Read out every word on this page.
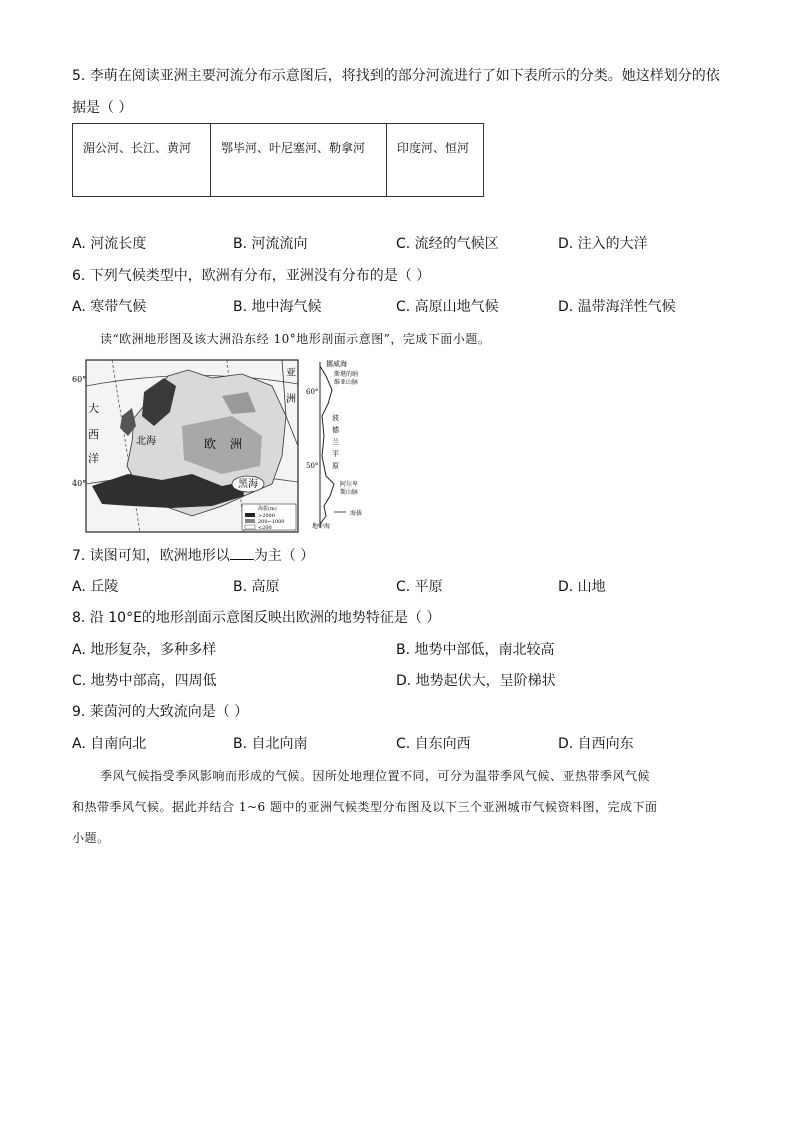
5. 李萌在阅读亚洲主要河流分布示意图后，将找到的部分河流进行了如下表所示的分类。她这样划分的依
据是（ ）
湄公河、长江、黄河	鄂毕河、叶尼塞河、勒拿河	印度河、恒河
A. 河流长度	B. 河流流向	C. 流经的气候区	D. 注入的大洋
6. 下列气候类型中，欧洲有分布，亚洲没有分布的是（ ）
A. 寒带气候	B. 地中海气候	C. 高原山地气候	D. 温带海洋性气候
读“欧洲地形图及该大洲沿东经 10°地形剖面示意图”，完成下面小题。
60°
40°
大
西
洋
北海	欧 洲
黑海
亚
洲
海拔(m)
>2000
200~1000
<200
60°
50°
挪威海
斯堪的纳
维亚山脉
波
德
兰
平
原
阿尔卑
斯山脉
海拔
地中海
7. 读图可知，欧洲地形以 为主（ ）
A. 丘陵	B. 高原	C. 平原	D. 山地
8. 沿 10°E的地形剖面示意图反映出欧洲的地势特征是（ ）
A. 地形复杂，多种多样	B. 地势中部低，南北较高
C. 地势中部高，四周低	D. 地势起伏大，呈阶梯状
9. 莱茵河的大致流向是（ ）
A. 自南向北	B. 自北向南	C. 自东向西	D. 自西向东
季风气候指受季风影响而形成的气候。因所处地理位置不同，可分为温带季风气候、亚热带季风气候
和热带季风气候。据此并结合 1~6 题中的亚洲气候类型分布图及以下三个亚洲城市气候资料图，完成下面
小题。
